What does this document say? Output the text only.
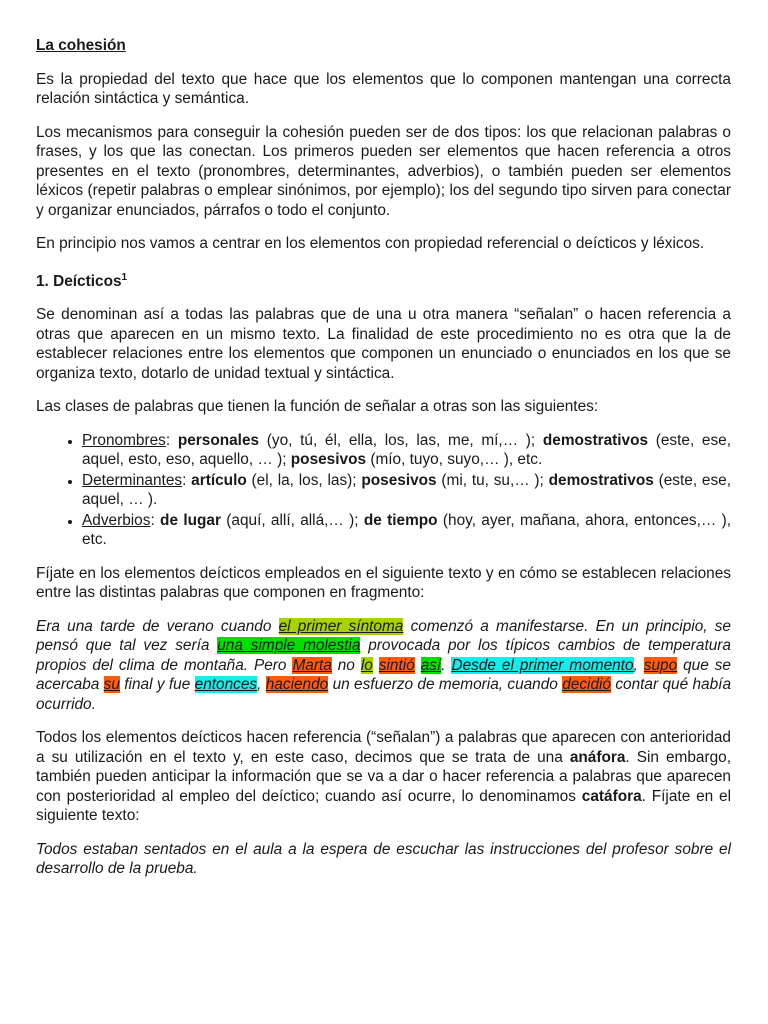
La cohesión

Es la propiedad del texto que hace que los elementos que lo componen mantengan una correcta relación sintáctica y semántica.

Los mecanismos para conseguir la cohesión pueden ser de dos tipos: los que relacionan palabras o frases, y los que las conectan. Los primeros pueden ser elementos que hacen referencia a otros presentes en el texto (pronombres, determinantes, adverbios), o también pueden ser elementos léxicos (repetir palabras o emplear sinónimos, por ejemplo); los del segundo tipo sirven para conectar y organizar enunciados, párrafos o todo el conjunto.

En principio nos vamos a centrar en los elementos con propiedad referencial o deícticos y léxicos.

1. Deícticos$^1$

Se denominan así a todas las palabras que de una u otra manera “señalan” o hacen referencia a otras que aparecen en un mismo texto. La finalidad de este procedimiento no es otra que la de establecer relaciones entre los elementos que componen un enunciado o enunciados en los que se organiza texto, dotarlo de unidad textual y sintáctica.

Las clases de palabras que tienen la función de señalar a otras son las siguientes:

• Pronombres: personales (yo, tú, él, ella, los, las, me, mí,… ); demostrativos (este, ese, aquel, esto, eso, aquello, … ); posesivos (mío, tuyo, suyo,… ), etc.
• Determinantes: artículo (el, la, los, las); posesivos (mi, tu, su,… ); demostrativos (este, ese, aquel, … ).
• Adverbios: de lugar (aquí, allí, allá,… ); de tiempo (hoy, ayer, mañana, ahora, entonces,… ), etc.

Fíjate en los elementos deícticos empleados en el siguiente texto y en cómo se establecen relaciones entre las distintas palabras que componen en fragmento:

Era una tarde de verano cuando el primer síntoma comenzó a manifestarse. En un principio, se pensó que tal vez sería una simple molestia provocada por los típicos cambios de temperatura propios del clima de montaña. Pero Marta no lo sintió así. Desde el primer momento, supo que se acercaba su final y fue entonces, haciendo un esfuerzo de memoria, cuando decidió contar qué había ocurrido.

Todos los elementos deícticos hacen referencia (“señalan”) a palabras que aparecen con anterioridad a su utilización en el texto y, en este caso, decimos que se trata de una anáfora. Sin embargo, también pueden anticipar la información que se va a dar o hacer referencia a palabras que aparecen con posterioridad al empleo del deíctico; cuando así ocurre, lo denominamos catáfora. Fíjate en el siguiente texto:

Todos estaban sentados en el aula a la espera de escuchar las instrucciones del profesor sobre el desarrollo de la prueba.
